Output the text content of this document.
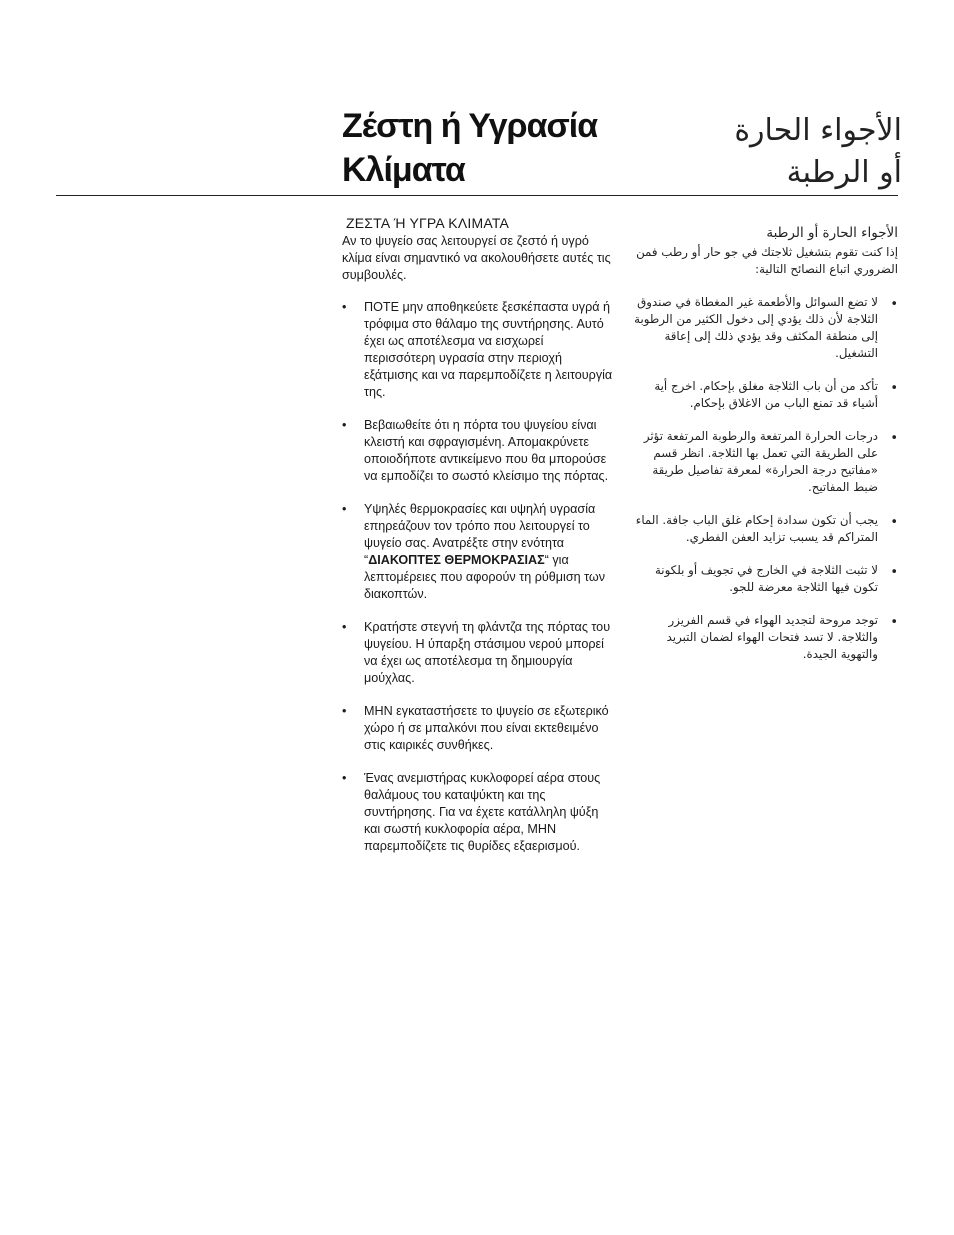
Ζέστη ή Υγρασία
Κλίματα
الأجواء الحارة
أو الرطبة
ΖΕΣΤΑ Ή ΥΓΡΑ ΚΛΙΜΑΤΑ

Αν το ψυγείο σας λειτουργεί σε ζεστό ή υγρό κλίμα είναι σημαντικό να ακολουθήσετε αυτές τις συμβουλές.

• ΠΟΤΕ μην αποθηκεύετε ξεσκέπαστα υγρά ή τρόφιμα στο θάλαμο της συντήρησης. Αυτό έχει ως αποτέλεσμα να εισχωρεί περισσότερη υγρασία στην περιοχή εξάτμισης και να παρεμποδίζετε η λειτουργία της.
• Βεβαιωθείτε ότι η πόρτα του ψυγείου είναι κλειστή και σφραγισμένη. Απομακρύνετε οποιοδήποτε αντικείμενο που θα μπορούσε να εμποδίζει το σωστό κλείσιμο της πόρτας.
• Υψηλές θερμοκρασίες και υψηλή υγρασία επηρεάζουν τον τρόπο που λειτουργεί το ψυγείο σας. Ανατρέξτε στην ενότητα “ΔΙΑΚΟΠΤΕΣ ΘΕΡΜΟΚΡΑΣΙΑΣ“ για λεπτομέρειες που αφορούν τη ρύθμιση των διακοπτών.
• Κρατήστε στεγνή τη φλάντζα της πόρτας του ψυγείου. Η ύπαρξη στάσιμου νερού μπορεί να έχει ως αποτέλεσμα τη δημιουργία μούχλας.
• ΜΗΝ εγκαταστήσετε το ψυγείο σε εξωτερικό χώρο ή σε μπαλκόνι που είναι εκτεθειμένο στις καιρικές συνθήκες.
• Ένας ανεμιστήρας κυκλοφορεί αέρα στους θαλάμους του καταψύκτη και της συντήρησης. Για να έχετε κατάλληλη ψύξη και σωστή κυκλοφορία αέρα, ΜΗΝ παρεμποδίζετε τις θυρίδες εξαερισμού.
الأجواء الحارة أو الرطبة

إذا كنت تقوم بتشغيل ثلاجتك في جو حار أو رطب فمن الضروري اتباع النصائح التالية:

•
لا تضع السوائل والأطعمة غير المغطاة في صندوق الثلاجة لأن ذلك يؤدي إلى دخول الكثير من الرطوبة إلى منطقة المكثف وقد يؤدي ذلك إلى إعاقة التشغيل.
•
تأكد من أن باب الثلاجة مغلق بإحكام. اخرج أية أشياء قد تمنع الباب من الاغلاق بإحكام.
•
درجات الحرارة المرتفعة والرطوبة المرتفعة تؤثر على الطريقة التي تعمل بها الثلاجة. انظر قسم «مفاتيح درجة الحرارة» لمعرفة تفاصيل طريقة ضبط المفاتيح.
•
يجب أن تكون سدادة إحكام غلق الباب جافة. الماء المتراكم قد يسبب تزايد العفن الفطري.
•
لا تثبت الثلاجة في الخارج في تجويف أو بلكونة تكون فيها الثلاجة معرضة للجو.
•
توجد مروحة لتجديد الهواء في قسم الفريزر والثلاجة. لا تسد فتحات الهواء لضمان التبريد والتهوية الجيدة.
